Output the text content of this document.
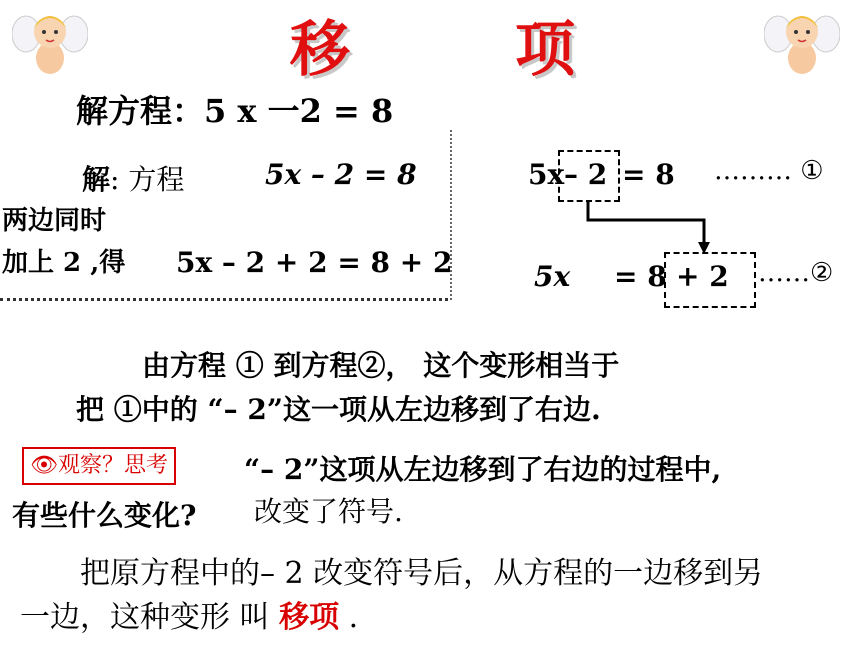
移	项
解方程：5 x 一2 = 8
解: 方程	5x – 2 = 8
两边同时
加上 2 ,得 5x – 2 + 2 = 8 + 2
5x – 2 = 8 ……… ①
5x = 8 + 2 ……②
由方程 ① 到方程②， 这个变形相当于
把 ①中的 “– 2”这一项从左边移到了右边.
👁观察？思考	“– 2”这项从左边移到了右边的过程中,
有些什么变化? 改变了符号.
把原方程中的– 2 改变符号后，从方程的一边移到另
一边，这种变形 叫 移项 .
